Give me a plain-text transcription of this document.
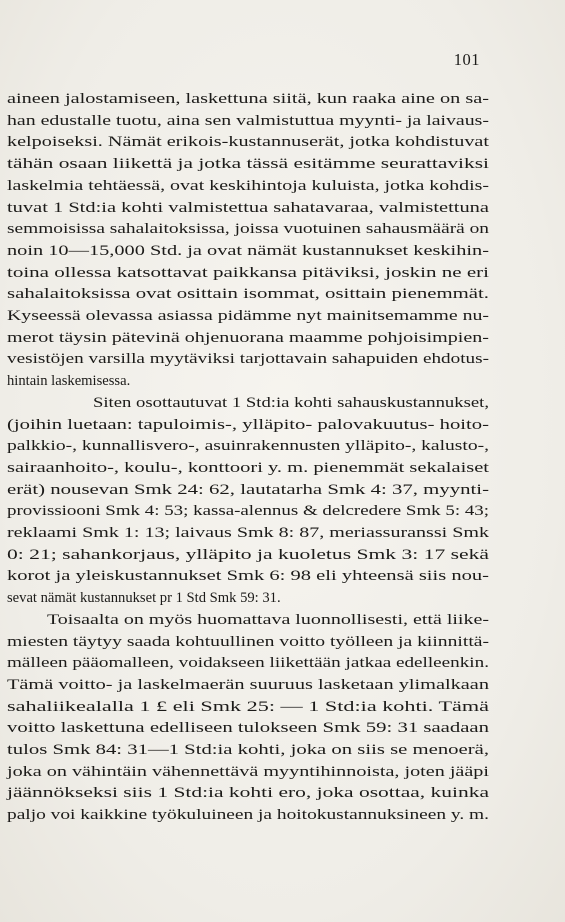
101
aineen jalostamiseen, laskettuna siitä, kun raaka aine on sa-
han edustalle tuotu, aina sen valmistuttua myynti- ja laivaus-
kelpoiseksi. Nämät erikois-kustannuserät, jotka kohdistuvat
tähän osaan liikettä ja jotka tässä esitämme seurattaviksi
laskelmia tehtäessä, ovat keskihintoja kuluista, jotka kohdis-
tuvat 1 Std:ia kohti valmistettua sahatavaraa, valmistettuna
semmoisissa sahalaitoksissa, joissa vuotuinen sahausmäärä on
noin 10—15,000 Std. ja ovat nämät kustannukset keskihin-
toina ollessa katsottavat paikkansa pitäviksi, joskin ne eri
sahalaitoksissa ovat osittain isommat, osittain pienemmät.
Kyseessä olevassa asiassa pidämme nyt mainitsemamme nu-
merot täysin pätevinä ohjenuorana maamme pohjoisimpien-
vesistöjen varsilla myytäviksi tarjottavain sahapuiden ehdotus-
hintain laskemisessa.
Siten osottautuvat 1 Std:ia kohti sahauskustannukset,
(joihin luetaan: tapuloimis-, ylläpito- palovakuutus- hoito-
palkkio-, kunnallisvero-, asuinrakennusten ylläpito-, kalusto-,
sairaanhoito-, koulu-, konttoori y. m. pienemmät sekalaiset
erät) nousevan Smk 24: 62, lautatarha Smk 4: 37, myynti-
provissiooni Smk 4: 53; kassa-alennus & delcredere Smk 5: 43;
reklaami Smk 1: 13; laivaus Smk 8: 87, meriassuranssi Smk
0: 21; sahankorjaus, ylläpito ja kuoletus Smk 3: 17 sekä
korot ja yleiskustannukset Smk 6: 98 eli yhteensä siis nou-
sevat nämät kustannukset pr 1 Std Smk 59: 31.
Toisaalta on myös huomattava luonnollisesti, että liike-
miesten täytyy saada kohtuullinen voitto työlleen ja kiinnittä-
mälleen pääomalleen, voidakseen liikettään jatkaa edelleenkin.
Tämä voitto- ja laskelmaerän suuruus lasketaan ylimalkaan
sahaliikealalla 1 £ eli Smk 25: — 1 Std:ia kohti. Tämä
voitto laskettuna edelliseen tulokseen Smk 59: 31 saadaan
tulos Smk 84: 31—1 Std:ia kohti, joka on siis se menoerä,
joka on vähintäin vähennettävä myyntihinnoista, joten jääpi
jäännökseksi siis 1 Std:ia kohti ero, joka osottaa, kuinka
paljo voi kaikkine työkuluineen ja hoitokustannuksineen y. m.
